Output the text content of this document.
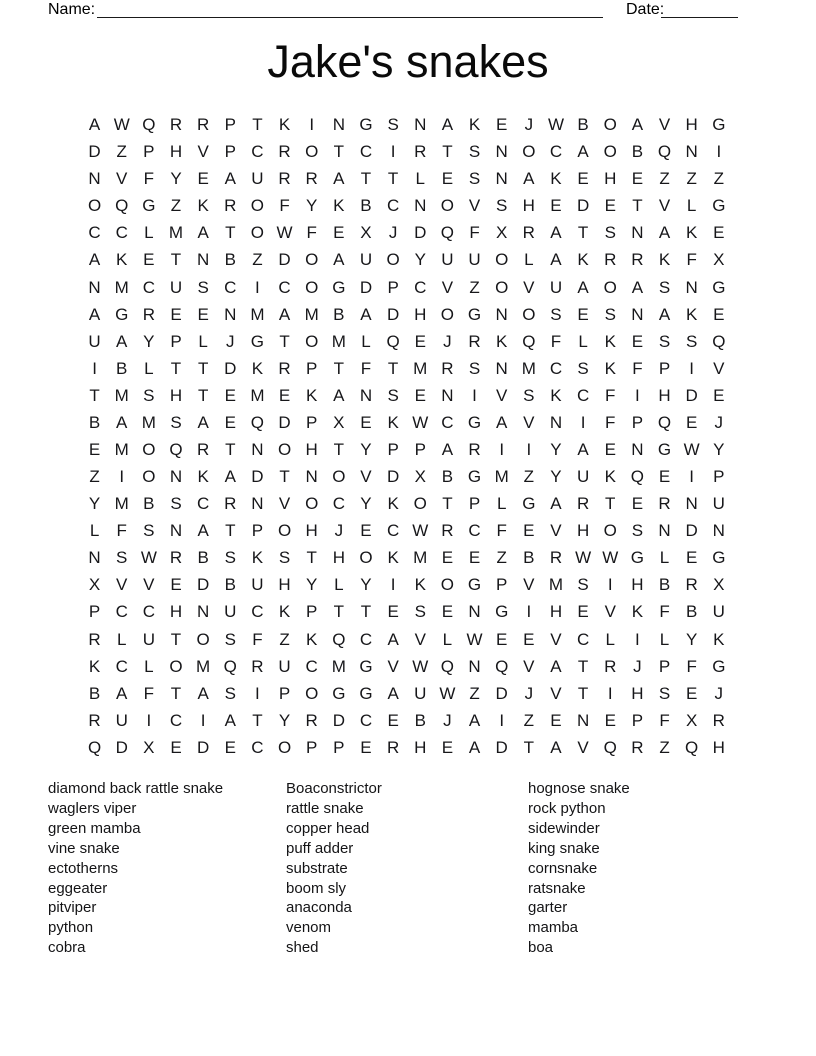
Name:	Date:
Jake's snakes
A W Q R R P T K	I	N G S N A K E	J W B O A V H G
D Z P H V P C R O T C	I	R T S N O C A O B Q N	I
N V F Y E A U R R A T T	L E S N A K E H E Z Z Z
O Q G Z K R O F Y K B C N O V S H E D E T V L G
C C L M A T O W F E X	J D Q F X R A T S N A K E
A K E T N B Z D O A U O Y U U O L A K R R K F X
N M C U S C	I	C O G D P C V Z O V U A O A S N G
A G R E E N M A M B A D H O G N O S E S N A K E
U A Y P L	J G T O M L Q E	J R K Q F	L K E S S Q
I	B L	T T D K R P T F T M R S N M C S K F P	I	V
T M S H T E M E K A N S E N	I	V S K C F	I	H D E
B A M S A E Q D P X E K W C G A V N	I	F P Q E	J
E M O Q R T N O H T Y P P A R	I	I	Y A E N G W Y
Z	I	O N K A D T N O V D X B G M Z Y U K Q E	I	P
Y M B S C R N V O C Y K O T P L G A R T E R N U
L	F S N A T P O H J	E C W R C F E V H O S N D N
N S W R B S K S T H O K M E E Z B R W W G L E G
X V V E D B U H Y L Y	I	K O G P V M S	I	H B R X
P C C H N U C K P T T E S E N G	I	H E V K F B U
R L U T O S F Z K Q C A V L W E E V C L	I	L Y K
K C L O M Q R U C M G V W Q N Q V A T R J	P F G
B A F T A S	I	P O G G A U W Z D J	V T	I	H S E	J
R U	I	C	I	A T Y R D C E B	J	A	I	Z E N E P F X R
Q D X E D E C O P P E R H E A D T A V Q R Z Q H
diamond back rattle snake
waglers viper
green mamba
vine snake
ectotherns
eggeater
pitviper
python
cobra
Boaconstrictor
rattle snake
copper head
puff adder
substrate
boom sly
anaconda
venom
shed
hognose snake
rock python
sidewinder
king snake
cornsnake
ratsnake
garter
mamba
boa
